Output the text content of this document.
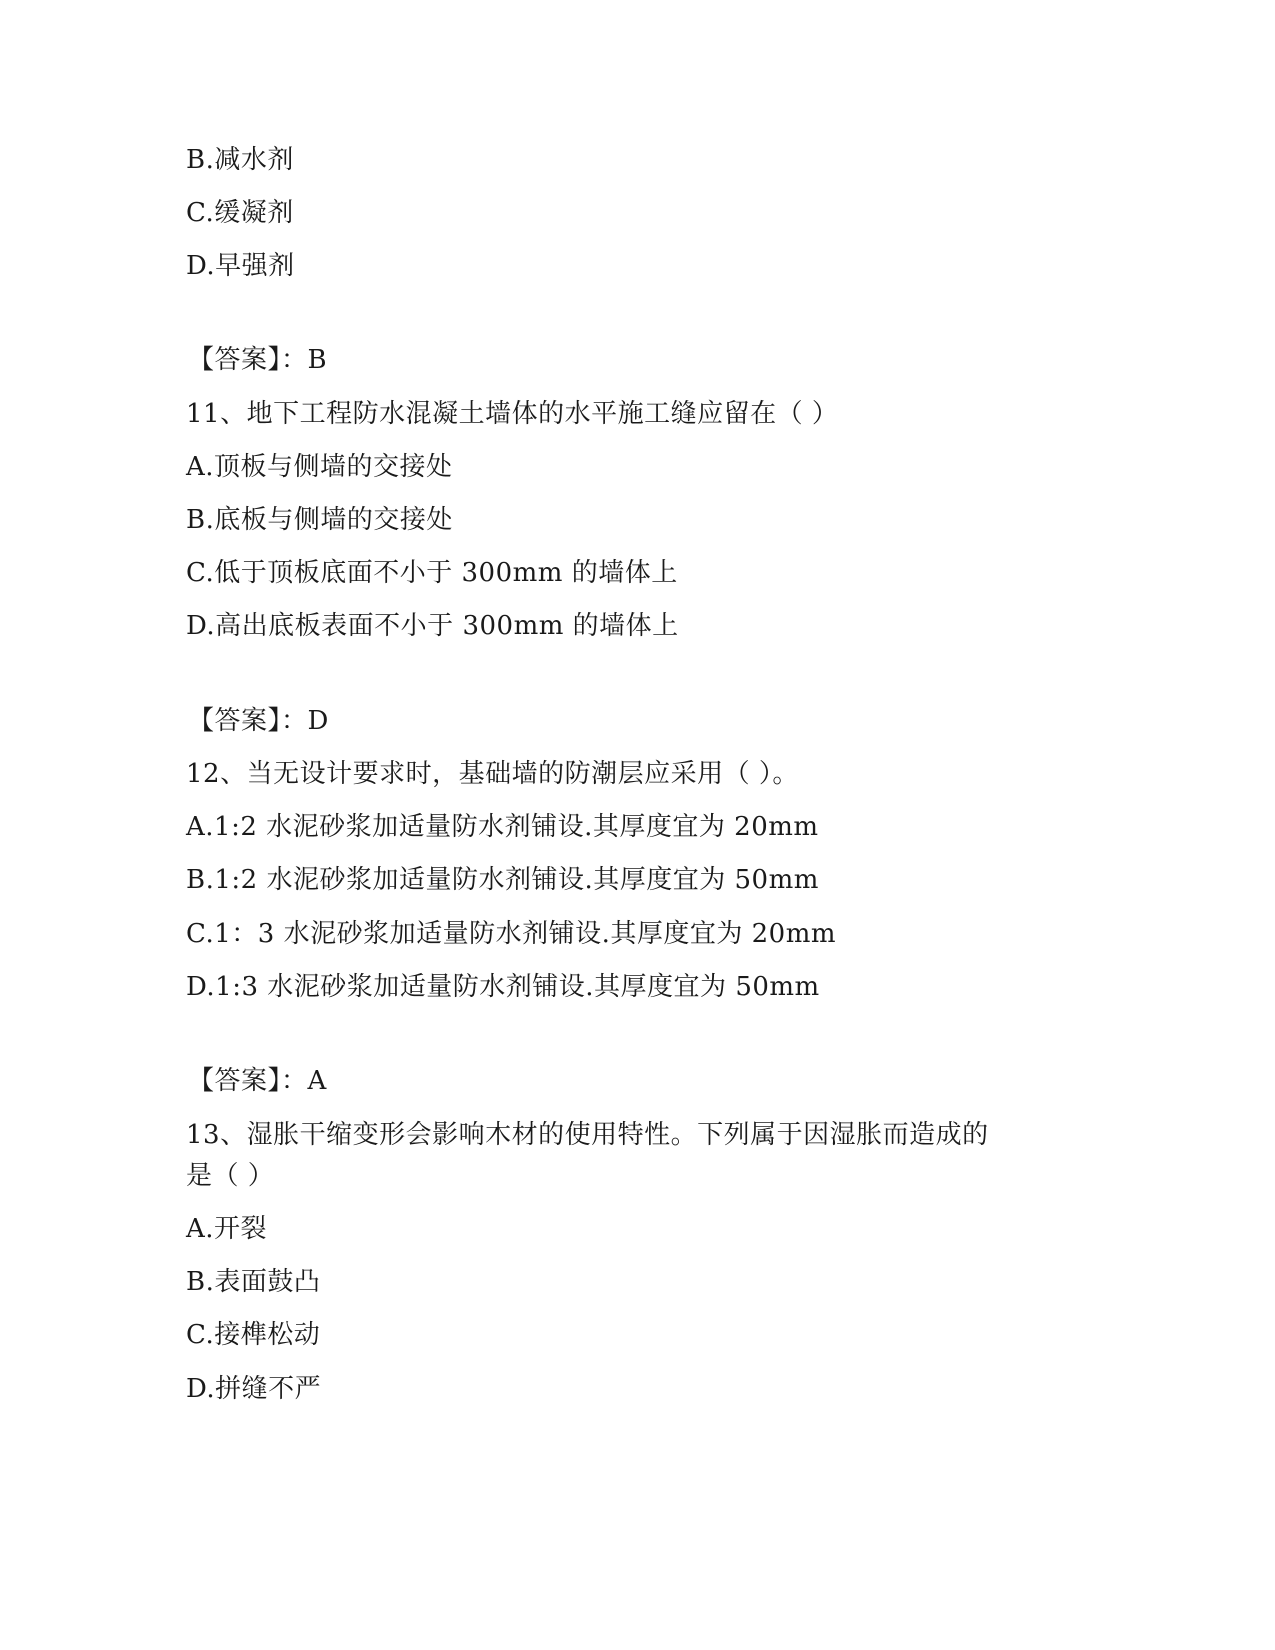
B.减水剂
C.缓凝剂
D.早强剂
【答案】：B
11、地下工程防水混凝土墙体的水平施工缝应留在（ ）
A.顶板与侧墙的交接处
B.底板与侧墙的交接处
C.低于顶板底面不小于 300mm 的墙体上
D.高出底板表面不小于 300mm 的墙体上
【答案】：D
12、当无设计要求时，基础墙的防潮层应采用（ ）。
A.1:2 水泥砂浆加适量防水剂铺设.其厚度宜为 20mm
B.1:2 水泥砂浆加适量防水剂铺设.其厚度宜为 50mm
C.1：3 水泥砂浆加适量防水剂铺设.其厚度宜为 20mm
D.1:3 水泥砂浆加适量防水剂铺设.其厚度宜为 50mm
【答案】：A
13、湿胀干缩变形会影响木材的使用特性。下列属于因湿胀而造成的
是（ ）
A.开裂
B.表面鼓凸
C.接榫松动
D.拼缝不严
